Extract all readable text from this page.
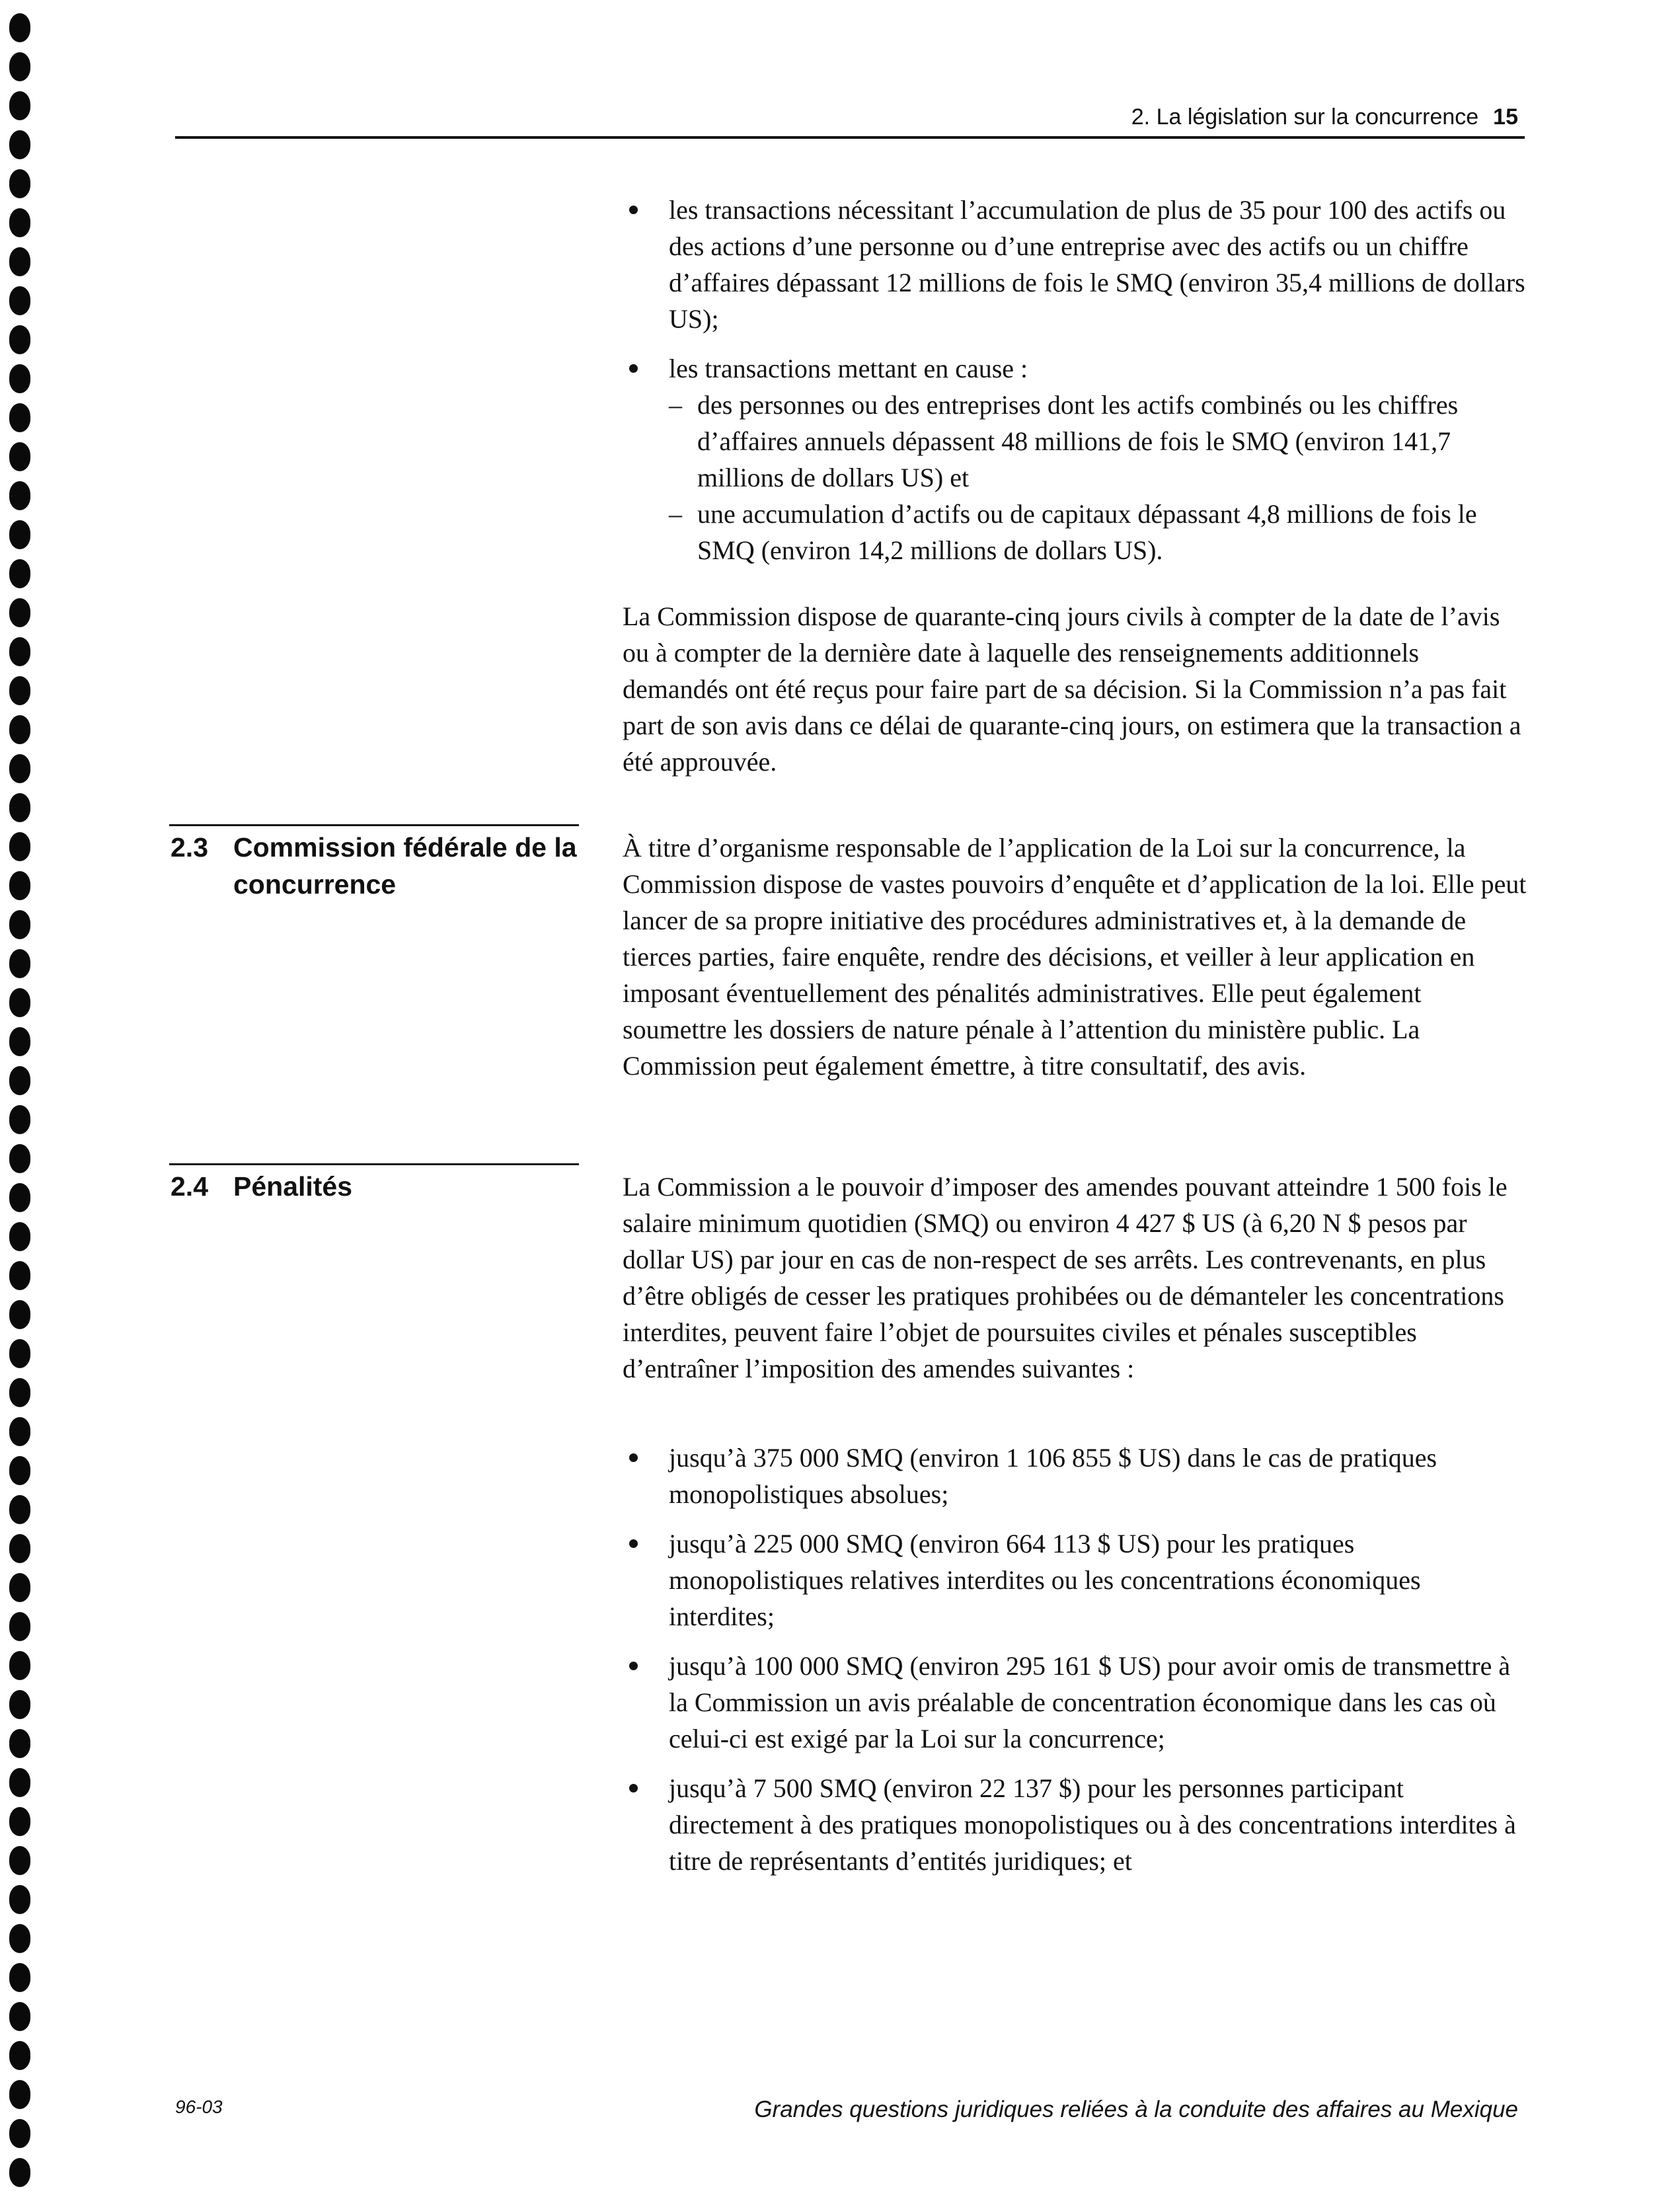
2. La législation sur la concurrence 15
les transactions nécessitant l’accumulation de plus de 35 pour 100 des actifs ou des actions d’une personne ou d’une entreprise avec des actifs ou un chiffre d’affaires dépassant 12 millions de fois le SMQ (environ 35,4 millions de dollars US);
les transactions mettant en cause :
– des personnes ou des entreprises dont les actifs combinés ou les chiffres d’affaires annuels dépassent 48 millions de fois le SMQ (environ 141,7 millions de dollars US) et
– une accumulation d’actifs ou de capitaux dépassant 4,8 millions de fois le SMQ (environ 14,2 millions de dollars US).

La Commission dispose de quarante-cinq jours civils à compter de la date de l’avis ou à compter de la dernière date à laquelle des renseignements additionnels demandés ont été reçus pour faire part de sa décision. Si la Commission n’a pas fait part de son avis dans ce délai de quarante-cinq jours, on estimera que la transaction a été approuvée.

2.3 Commission fédérale de la concurrence

À titre d’organisme responsable de l’application de la Loi sur la concurrence, la Commission dispose de vastes pouvoirs d’enquête et d’application de la loi. Elle peut lancer de sa propre initiative des procédures administratives et, à la demande de tierces parties, faire enquête, rendre des décisions, et veiller à leur application en imposant éventuellement des pénalités administratives. Elle peut également soumettre les dossiers de nature pénale à l’attention du ministère public. La Commission peut également émettre, à titre consultatif, des avis.

2.4 Pénalités	La Commission a le pouvoir d’imposer des amendes pouvant atteindre 1 500 fois le salaire minimum quotidien (SMQ) ou environ 4 427 $ US (à 6,20 N $ pesos par dollar US) par jour en cas de non-respect de ses arrêts. Les contrevenants, en plus d’être obligés de cesser les pratiques prohibées ou de démanteler les concentrations interdites, peuvent faire l’objet de poursuites civiles et pénales susceptibles d’entraîner l’imposition des amendes suivantes :

jusqu’à 375 000 SMQ (environ 1 106 855 $ US) dans le cas de pratiques monopolistiques absolues;
jusqu’à 225 000 SMQ (environ 664 113 $ US) pour les pratiques monopolistiques relatives interdites ou les concentrations économiques interdites;
jusqu’à 100 000 SMQ (environ 295 161 $ US) pour avoir omis de transmettre à la Commission un avis préalable de concentration économique dans les cas où celui-ci est exigé par la Loi sur la concurrence;
jusqu’à 7 500 SMQ (environ 22 137 $) pour les personnes participant directement à des pratiques monopolistiques ou à des concentrations interdites à titre de représentants d’entités juridiques; et
96-03	Grandes questions juridiques reliées à la conduite des affaires au Mexique
